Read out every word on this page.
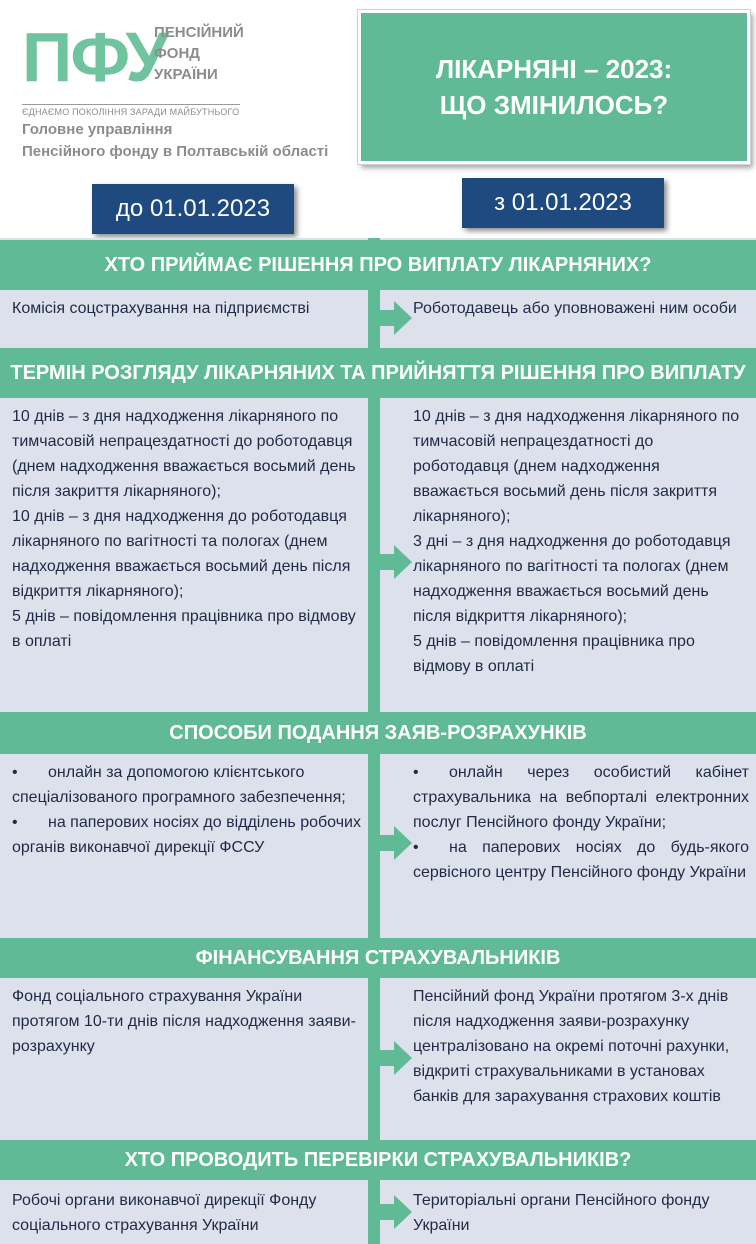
ПФУ
ПЕНСІЙНИЙ
ФОНД
УКРАЇНИ
ЄДНАЄМО ПОКОЛІННЯ ЗАРАДИ МАЙБУТНЬОГО
Головне управління
Пенсійного фонду в Полтавській області
ЛІКАРНЯНІ – 2023:
ЩО ЗМІНИЛОСЬ?
до 01.01.2023	з 01.01.2023
ХТО ПРИЙМАЄ РІШЕННЯ ПРО ВИПЛАТУ ЛІКАРНЯНИХ?
Комісія соцстрахування на підприємстві	Роботодавець або уповноважені ним особи
ТЕРМІН РОЗГЛЯДУ ЛІКАРНЯНИХ ТА ПРИЙНЯТТЯ РІШЕННЯ ПРО ВИПЛАТУ
10 днів – з дня надходження лікарняного по тимчасовій непрацездатності до роботодавця (днем надходження вважається восьмий день після закриття лікарняного);
10 днів – з дня надходження до роботодавця лікарняного по вагітності та пологах (днем надходження вважається восьмий день після відкриття лікарняного);
5 днів – повідомлення працівника про відмову в оплаті
10 днів – з дня надходження лікарняного по тимчасовій непрацездатності до роботодавця (днем надходження вважається восьмий день після закриття лікарняного);
3 дні – з дня надходження до роботодавця лікарняного по вагітності та пологах (днем надходження вважається восьмий день після відкриття лікарняного);
5 днів – повідомлення працівника про відмову в оплаті
СПОСОБИ ПОДАННЯ ЗАЯВ-РОЗРАХУНКІВ
• онлайн за допомогою клієнтського спеціалізованого програмного забезпечення;
• на паперових носіях до відділень робочих органів виконавчої дирекції ФССУ
• онлайн через особистий кабінет страхувальника на вебпорталі електронних послуг Пенсійного фонду України;
• на паперових носіях до будь-якого сервісного центру Пенсійного фонду України
ФІНАНСУВАННЯ СТРАХУВАЛЬНИКІВ
Фонд соціального страхування України протягом 10-ти днів після надходження заяви-розрахунку
Пенсійний фонд України протягом 3-х днів після надходження заяви-розрахунку централізовано на окремі поточні рахунки, відкриті страхувальниками в установах банків для зарахування страхових коштів
ХТО ПРОВОДИТЬ ПЕРЕВІРКИ СТРАХУВАЛЬНИКІВ?
Робочі органи виконавчої дирекції Фонду соціального страхування України
Територіальні органи Пенсійного фонду України
